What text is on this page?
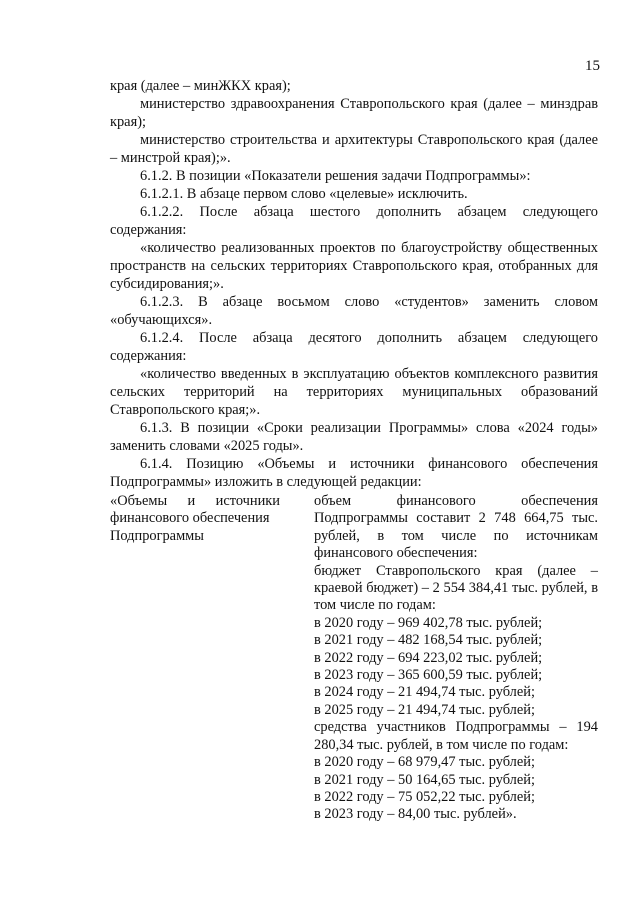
15

края (далее – минЖКХ края);

министерство здравоохранения Ставропольского края (далее – минздрав края);

министерство строительства и архитектуры Ставропольского края (далее – минстрой края);».

6.1.2. В позиции «Показатели решения задачи Подпрограммы»:

6.1.2.1. В абзаце первом слово «целевые» исключить.

6.1.2.2. После абзаца шестого дополнить абзацем следующего содержания:

«количество реализованных проектов по благоустройству общественных пространств на сельских территориях Ставропольского края, отобранных для субсидирования;».

6.1.2.3. В абзаце восьмом слово «студентов» заменить словом «обучающихся».

6.1.2.4. После абзаца десятого дополнить абзацем следующего содержания:

«количество введенных в эксплуатацию объектов комплексного развития сельских территорий на территориях муниципальных образований Ставропольского края;».

6.1.3. В позиции «Сроки реализации Программы» слова «2024 годы» заменить словами «2025 годы».

6.1.4. Позицию «Объемы и источники финансового обеспечения Подпрограммы» изложить в следующей редакции:

«Объемы и источники
финансового обеспечения
Подпрограммы
объем финансового обеспечения Подпрограммы составит 2 748 664,75 тыс. рублей, в том числе по источникам финансового обеспечения:
бюджет Ставропольского края (далее – краевой бюджет) – 2 554 384,41 тыс. рублей, в том числе по годам:
в 2020 году – 969 402,78 тыс. рублей;
в 2021 году – 482 168,54 тыс. рублей;
в 2022 году – 694 223,02 тыс. рублей;
в 2023 году – 365 600,59 тыс. рублей;
в 2024 году – 21 494,74 тыс. рублей;
в 2025 году – 21 494,74 тыс. рублей;
средства участников Подпрограммы – 194 280,34 тыс. рублей, в том числе по годам:
в 2020 году – 68 979,47 тыс. рублей;
в 2021 году – 50 164,65 тыс. рублей;
в 2022 году – 75 052,22 тыс. рублей;
в 2023 году – 84,00 тыс. рублей».
